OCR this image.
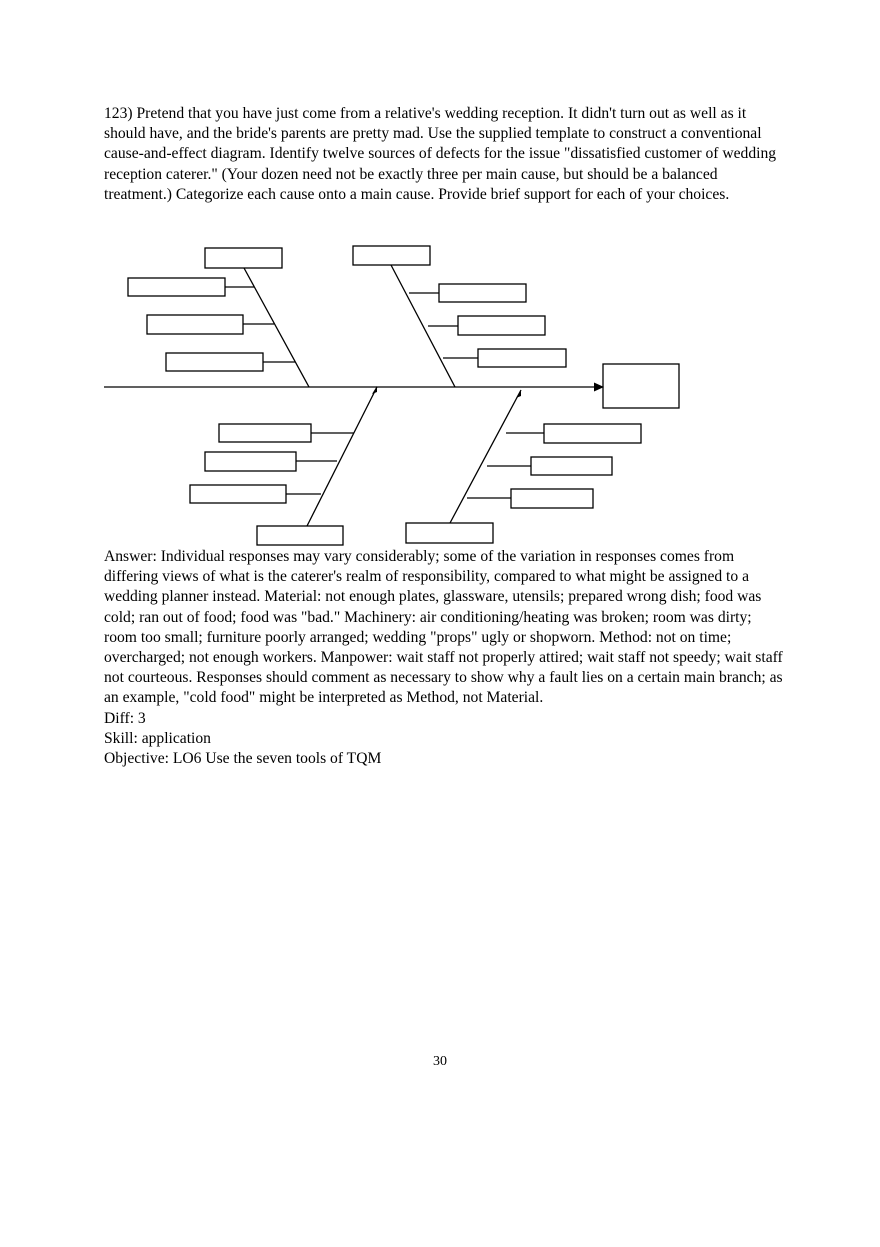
123) Pretend that you have just come from a relative's wedding reception. It didn't turn out as well as it should have, and the bride's parents are pretty mad. Use the supplied template to construct a conventional cause-and-effect diagram. Identify twelve sources of defects for the issue "dissatisfied customer of wedding reception caterer." (Your dozen need not be exactly three per main cause, but should be a balanced treatment.) Categorize each cause onto a main cause. Provide brief support for each of your choices.

Answer: Individual responses may vary considerably; some of the variation in responses comes from differing views of what is the caterer's realm of responsibility, compared to what might be assigned to a wedding planner instead. Material: not enough plates, glassware, utensils; prepared wrong dish; food was cold; ran out of food; food was "bad." Machinery: air conditioning/heating was broken; room was dirty; room too small; furniture poorly arranged; wedding "props" ugly or shopworn. Method: not on time; overcharged; not enough workers. Manpower: wait staff not properly attired; wait staff not speedy; wait staff not courteous. Responses should comment as necessary to show why a fault lies on a certain main branch; as an example, "cold food" might be interpreted as Method, not Material.

Diff: 3

Skill: application

Objective: LO6 Use the seven tools of TQM

30
